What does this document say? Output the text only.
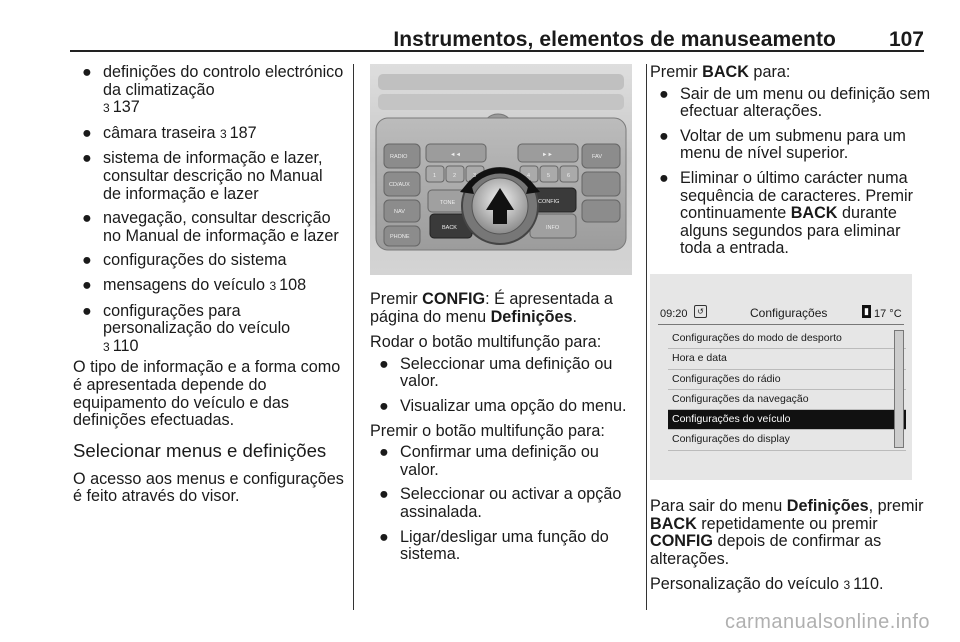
Instrumentos, elementos de manuseamento	107
● definições do controlo electrónico da climatização
3 137
● câmara traseira 3 187
● sistema de informação e lazer, consultar descrição no Manual de informação e lazer
● navegação, consultar descrição no Manual de informação e lazer
● configurações do sistema
● mensagens do veículo 3 108
● configurações para personalização do veículo
3 110

O tipo de informação e a forma como é apresentada depende do equipamento do veículo e das definições efectuadas.

Selecionar menus e definições

O acesso aos menus e configurações é feito através do visor.

RADIO
CD/AUX
NAV
PHONE
FAV
1	2	3	4	5	6
TONE
BACK
CONFIG
INFO
◄◄	►►

Premir CONFIG: É apresentada a página do menu Definições.

Rodar o botão multifunção para:

● Seleccionar uma definição ou valor.
● Visualizar uma opção do menu.

Premir o botão multifunção para:

● Confirmar uma definição ou valor.
● Seleccionar ou activar a opção assinalada.
● Ligar/desligar uma função do sistema.

Premir BACK para:

● Sair de um menu ou definição sem efectuar alterações.
● Voltar de um submenu para um menu de nível superior.
● Eliminar o último carácter numa sequência de caracteres. Premir continuamente BACK durante alguns segundos para eliminar toda a entrada.
09:20	↺	Configurações	▮ 17 °C
Configurações do modo de desporto
Hora e data
Configurações do rádio
Configurações da navegação
Configurações do veículo
Configurações do display

Para sair do menu Definições, premir BACK repetidamente ou premir CONFIG depois de confirmar as alterações.

Personalização do veículo 3 110.

carmanualsonline.info
